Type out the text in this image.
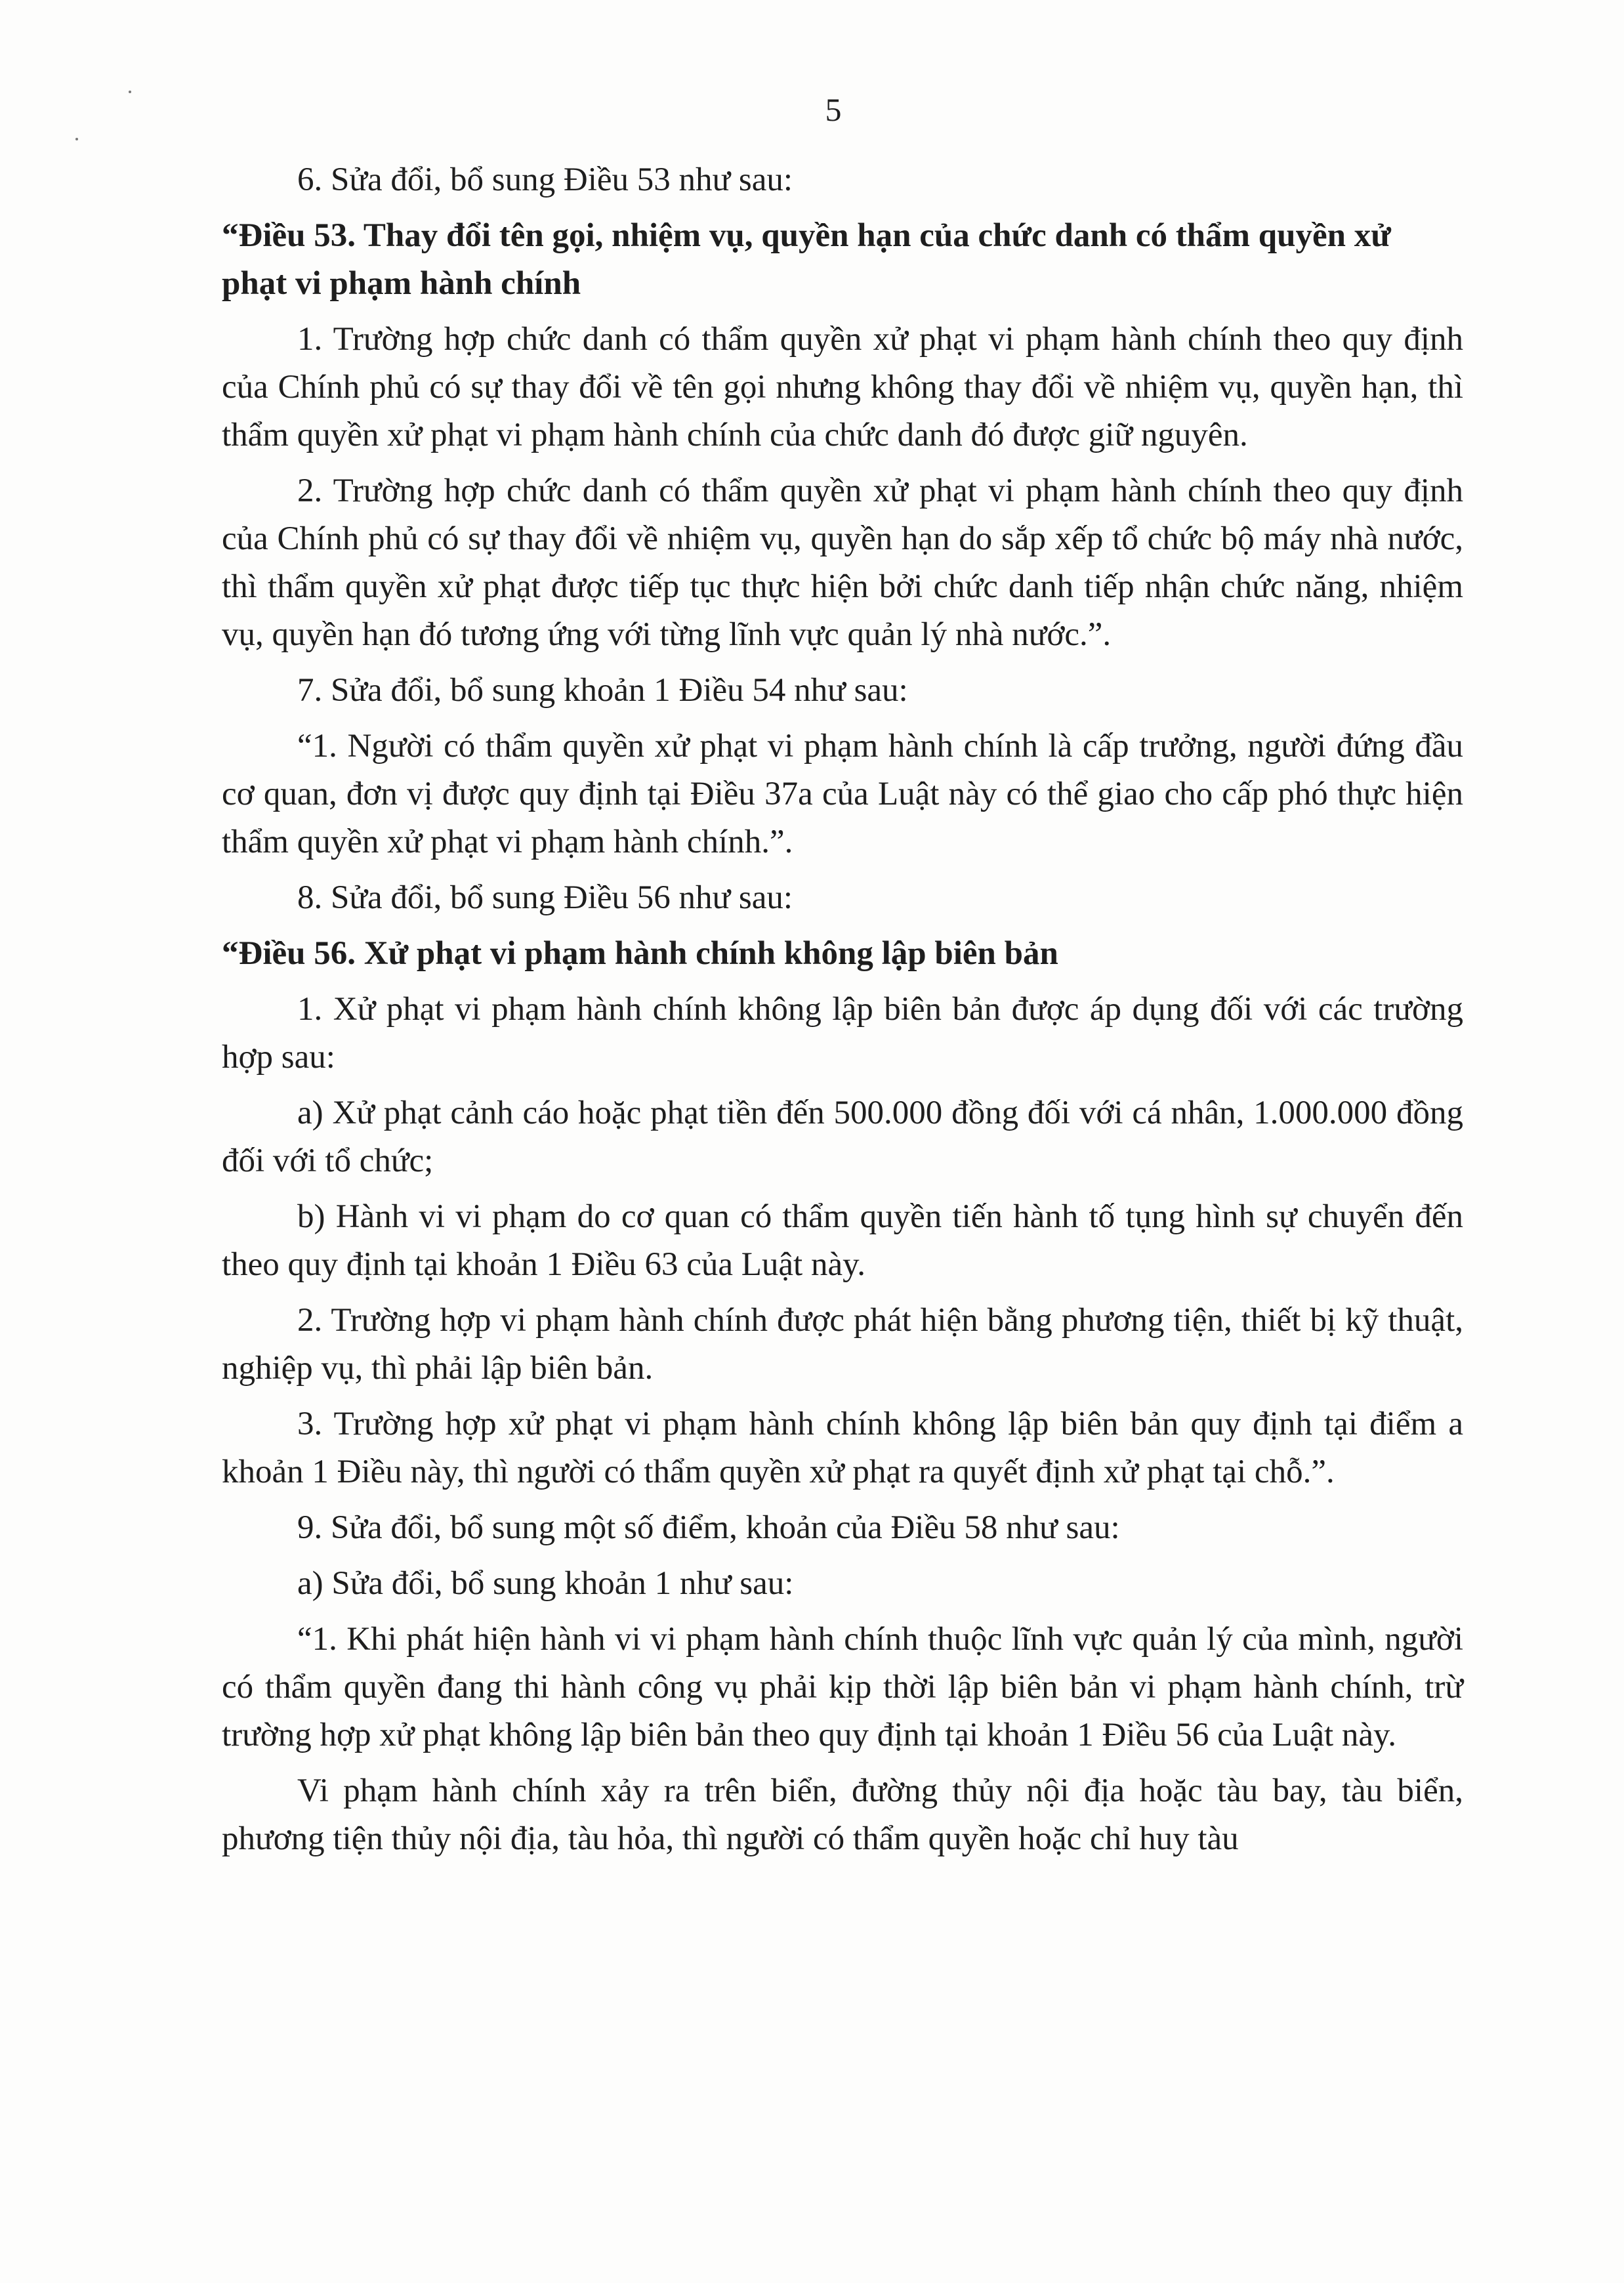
5

6. Sửa đổi, bổ sung Điều 53 như sau:

“Điều 53. Thay đổi tên gọi, nhiệm vụ, quyền hạn của chức danh có thẩm quyền xử phạt vi phạm hành chính

1. Trường hợp chức danh có thẩm quyền xử phạt vi phạm hành chính theo quy định của Chính phủ có sự thay đổi về tên gọi nhưng không thay đổi về nhiệm vụ, quyền hạn, thì thẩm quyền xử phạt vi phạm hành chính của chức danh đó được giữ nguyên.

2. Trường hợp chức danh có thẩm quyền xử phạt vi phạm hành chính theo quy định của Chính phủ có sự thay đổi về nhiệm vụ, quyền hạn do sắp xếp tổ chức bộ máy nhà nước, thì thẩm quyền xử phạt được tiếp tục thực hiện bởi chức danh tiếp nhận chức năng, nhiệm vụ, quyền hạn đó tương ứng với từng lĩnh vực quản lý nhà nước.”.

7. Sửa đổi, bổ sung khoản 1 Điều 54 như sau:

“1. Người có thẩm quyền xử phạt vi phạm hành chính là cấp trưởng, người đứng đầu cơ quan, đơn vị được quy định tại Điều 37a của Luật này có thể giao cho cấp phó thực hiện thẩm quyền xử phạt vi phạm hành chính.”.

8. Sửa đổi, bổ sung Điều 56 như sau:

“Điều 56. Xử phạt vi phạm hành chính không lập biên bản

1. Xử phạt vi phạm hành chính không lập biên bản được áp dụng đối với các trường hợp sau:

a) Xử phạt cảnh cáo hoặc phạt tiền đến 500.000 đồng đối với cá nhân, 1.000.000 đồng đối với tổ chức;

b) Hành vi vi phạm do cơ quan có thẩm quyền tiến hành tố tụng hình sự chuyển đến theo quy định tại khoản 1 Điều 63 của Luật này.

2. Trường hợp vi phạm hành chính được phát hiện bằng phương tiện, thiết bị kỹ thuật, nghiệp vụ, thì phải lập biên bản.

3. Trường hợp xử phạt vi phạm hành chính không lập biên bản quy định tại điểm a khoản 1 Điều này, thì người có thẩm quyền xử phạt ra quyết định xử phạt tại chỗ.”.

9. Sửa đổi, bổ sung một số điểm, khoản của Điều 58 như sau:

a) Sửa đổi, bổ sung khoản 1 như sau:

“1. Khi phát hiện hành vi vi phạm hành chính thuộc lĩnh vực quản lý của mình, người có thẩm quyền đang thi hành công vụ phải kịp thời lập biên bản vi phạm hành chính, trừ trường hợp xử phạt không lập biên bản theo quy định tại khoản 1 Điều 56 của Luật này.

Vi phạm hành chính xảy ra trên biển, đường thủy nội địa hoặc tàu bay, tàu biển, phương tiện thủy nội địa, tàu hỏa, thì người có thẩm quyền hoặc chỉ huy tàu
